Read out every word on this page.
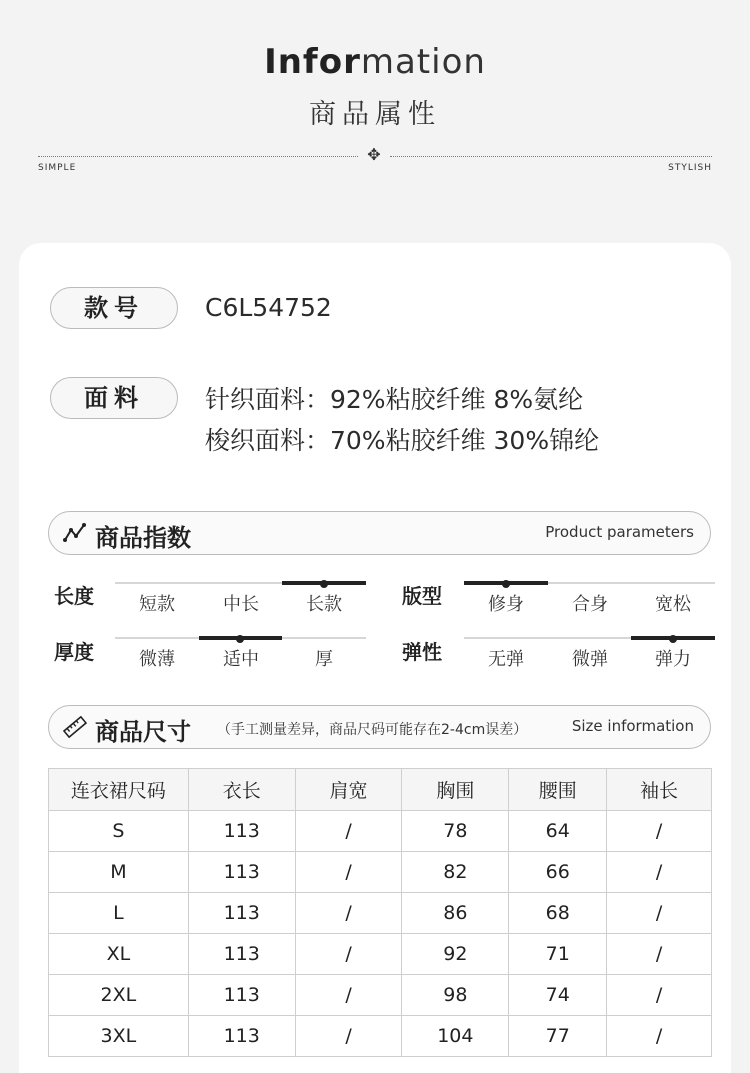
Information
商品属性
✥
SIMPLE	STYLISH
款号	C6L54752
面料	针织面料：92%粘胶纤维 8%氨纶
梭织面料：70%粘胶纤维 30%锦纶
商品指数	Product parameters
长度	短款	中长	长款	版型	修身	合身	宽松
厚度	微薄	适中	厚	弹性	无弹	微弹	弹力
商品尺寸 （手工测量差异，商品尺码可能存在2-4cm误差）	Size information
连衣裙尺码	衣长	肩宽	胸围	腰围	袖长
S	113	/	78	64	/
M	113	/	82	66	/
L	113	/	86	68	/
XL	113	/	92	71	/
2XL	113	/	98	74	/
3XL	113	/	104	77	/
